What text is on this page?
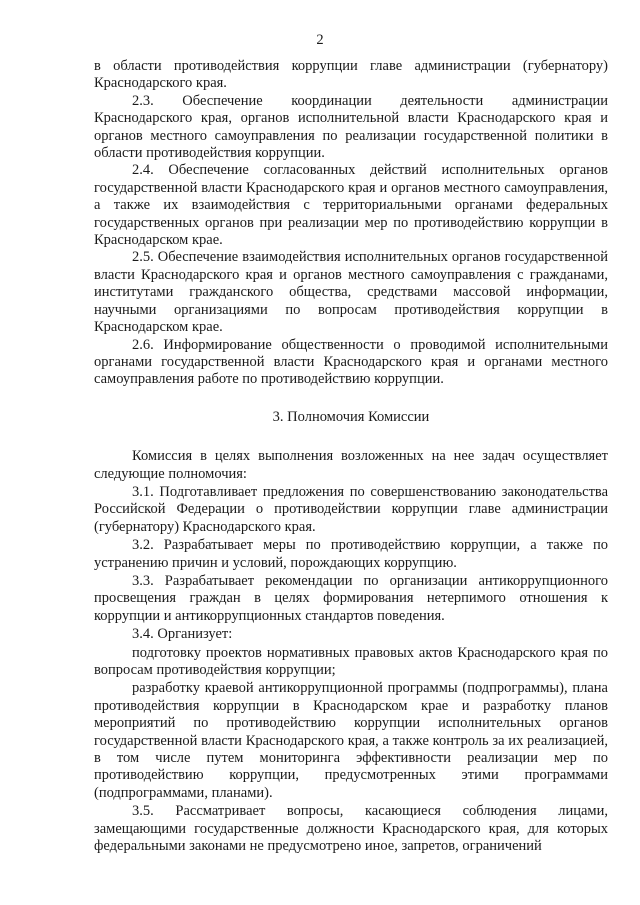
2

в области противодействия коррупции главе администрации (губернатору) Краснодарского края.

2.3. Обеспечение координации деятельности администрации Краснодарского края, органов исполнительной власти Краснодарского края и органов местного самоуправления по реализации государственной политики в области противодействия коррупции.

2.4. Обеспечение согласованных действий исполнительных органов государственной власти Краснодарского края и органов местного самоуправления, а также их взаимодействия с территориальными органами федеральных государственных органов при реализации мер по противодействию коррупции в Краснодарском крае.

2.5. Обеспечение взаимодействия исполнительных органов государственной власти Краснодарского края и органов местного самоуправления с гражданами, институтами гражданского общества, средствами массовой информации, научными организациями по вопросам противодействия коррупции в Краснодарском крае.

2.6. Информирование общественности о проводимой исполнительными органами государственной власти Краснодарского края и органами местного самоуправления работе по противодействию коррупции.

3. Полномочия Комиссии

Комиссия в целях выполнения возложенных на нее задач осуществляет следующие полномочия:

3.1. Подготавливает предложения по совершенствованию законодательства Российской Федерации о противодействии коррупции главе администрации (губернатору) Краснодарского края.

3.2. Разрабатывает меры по противодействию коррупции, а также по устранению причин и условий, порождающих коррупцию.

3.3. Разрабатывает рекомендации по организации антикоррупционного просвещения граждан в целях формирования нетерпимого отношения к коррупции и антикоррупционных стандартов поведения.

3.4. Организует:

подготовку проектов нормативных правовых актов Краснодарского края по вопросам противодействия коррупции;

разработку краевой антикоррупционной программы (подпрограммы), плана противодействия коррупции в Краснодарском крае и разработку планов мероприятий по противодействию коррупции исполнительных органов государственной власти Краснодарского края, а также контроль за их реализацией, в том числе путем мониторинга эффективности реализации мер по противодействию коррупции, предусмотренных этими программами (подпрограммами, планами).

3.5. Рассматривает вопросы, касающиеся соблюдения лицами, замещающими государственные должности Краснодарского края, для которых федеральными законами не предусмотрено иное, запретов, ограничений
